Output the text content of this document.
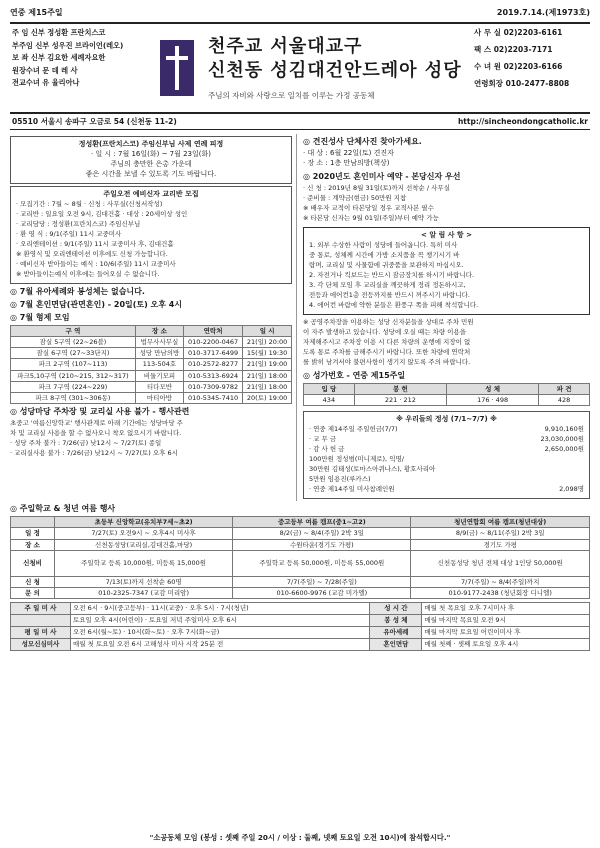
연중 제15주일	2019.7.14.(제1973호)
주 임 신부 정성환 프란치스코
부주임 신부 성우진 브라이언(레오)
보 좌 신부 김요한 세례자요한
원장수녀 문 데 레 사
전교수녀 유 율리아나
천주교 서울대교구
신천동 성김대건안드레아 성당
주님의 자비와 사랑으로 일치를 이루는 가정 공동체
사 무 실 02)2203-6161
팩 스 02)2203-7171
수 녀 원 02)2203-6166
연령회장 010-2477-8808
05510 서울시 송파구 오금로 54 (신천동 11-2)	http://sincheondongcatholic.kr
정성환(프란치스코) 주임신부님 사제 연례 피정
· 일 시 : 7월 16일(화) ~ 7월 23일(화)
주님의 충만한 은총 가운데
좋은 시간을 보낼 수 있도록 기도 바랍니다.
주일오전 예비신자 교리반 모집
· 모집기간 : 7월 ~ 8월 · 신청 : 사무실(신청서작성)
· 교리반 : 일요일 오전 9시, 김대건홀 · 대상 : 20세이상 성인
· 교리담당 : 정성환(프란치스코) 주임신부님
· 환 영 식 : 9/1(주일) 11시 교중미사
· 오리엔테이션 : 9/1(주일) 11시 교중미사 후, 김대건홀
※ 환영식 및 오리엔테이션 이후에도 신청 가능합니다.
· 예비신자 받아들이는 예식 : 10/6(주일) 11시 교중미사
※ 받아들이는예식 이후에는 들어오실 수 없습니다.
◎ 7월 유아세례와 봉성체는 없습니다.
◎ 7월 혼인면담(관면혼인) - 20일(토) 오후 4시
◎ 7월 형제 모임
구 역	장 소	연락처	일 시
잠실 5구역 (22~26블)	법무사사무실	010-2200-0467	21(일) 20:00
잠실 6구역 (27~33단지)	성당 만남의방	010-3717-6499	15(월) 19:30
파크 2구역 (107~113)	113-504호	010-2572-8277	21(일) 19:00
파크5,10구역 (210~215, 312~317)	비둘기모피	010-5313-6924	21(일) 18:00
파크 7구역 (224~229)	티다모반	010-7309-9782	21(일) 18:00
파크 8구역 (301~306동)	마티아방	010-5345-7410	20(토) 19:00
◎ 성당마당 주차장 및 교리실 사용 불가 - 행사관련
초중고 '여름신앙학교' 행사관계로 아래 기간에는 성당마당 주
차 및 교리실 사용을 할 수 없사오니 착오 없으시기 바랍니다.
· 성당 주차 불가 : 7/26(금) 낮12시 ~ 7/27(토) 종일
· 교리실사용 불가 : 7/26(금) 낮12시 ~ 7/27(토) 오후 6시
◎ 견진성사 단체사진 찾아가세요.
· 대 상 : 6월 22일(토) 견진자
· 장 소 : 1층 만남의방(책상)
◎ 2020년도 혼인미사 예약 - 본당신자 우선
· 신 청 : 2019년 8월 31일(토)까지 선착순 / 사무실
· 준비물 : 계약금(현금) 50만원 지참
※ 배우자 교적이 타본당일 경우 교적사본 필수
※ 타본당 신자는 9월 01일(주일)부터 예약 가능
< 알 림 사 항 >
1. 외부 수상한 사람이 성당에 들어옵니다. 특히 미사
중 통로, 성체께 시간에 가방 소지품을 꼭 챙기시기 바
랍며, 교리실 및 사물함에 귀중품을 보관하지 마십시오.
2. 자전거나 킥보드는 반드시 잠금장치를 하시기 바랍니다.
3. 각 단체 모임 후 교리실을 깨끗하게 정리 정돈하시고,
전등과 에어컨1층 전등까지를 반드시 꺼주시기 바랍니다.
4. 에어컨 바람에 약한 분들은 환풍구 쪽을 피해 착석합니다.
※ 공영주차장을 이용하는 성당 신자분들을 상대로 주차 민원
이 자주 발생하고 있습니다. 성당에 오실 때는 차량 이용을
자제해주시고 주차장 이용 시 다른 차량의 운행에 지장이 없
도록 통로 주차를 금해주시기 바랍니다. 또한 차량에 연락처
를 밝히 남겨서야 불편사항이 생기지 않도록 주의 바랍니다.
◎ 성가번호 - 연중 제15주일
입 당	봉 헌	성 체	파 견
434	221 · 212	176 · 498	428
※ 우리들의 정성 (7/1~7/7) ※
· 연중 제14주일 주일헌금(7/7)	9,910,160원
· 교 무 금	23,030,000원
· 감 사 헌 금	2,650,000원
100만원 정성범(미니제로), 익명/
30만원 김태성(토마스아퀴나스), 황호사리아
5만원 임용진(루카스)
· 연중 제14주일 미사참례인원	2,098명
◎ 주일학교 & 청년 여름 행사
	초등부 신앙학교(유치부7세~초2)	중고등부 여름 캠프(중1~고2)	청년연합회 여름 캠프(청년대상)
일 정	7/27(토) 오전9시 ~ 오후4시 미사후	8/2(금) ~ 8/4(주일) 2박 3일	8/9(금) ~ 8/11(주일) 2박 3일
장 소	신천동성당(교리실,김대건홀,마당)	수원타운(경기도 가평)	경기도 가평
신청비	주일학교 등록 10,000원, 미등록 15,000원	주일학교 등록 50,000원, 미등록 55,000원	신천동성당 청년 전체 대상 1인당 50,000원
신 청	7/13(토)까지 선착순 60명	7/7(주일) ~ 7/28(주일)	7/7(주일) ~ 8/4(주일)까지
문 의	010-2325-7347 (교감 미리암)	010-6600-9976 (교감 미가엘)	010-9177-2438 (청년회장 디니엘)
주 일 미 사	오전 6시 · 9시(중고등부) · 11시(교중) · 오후 5시 · 7시(청년)	성 시 간	매월 첫 목요일 오후 7시미사 후
	토요일 오후 4시(어린이) · 토요일 저녁 주일미사 오후 6시	봉 성 체	매월 마지막 목요일 오전 9시
평 일 미 사	오전 6시(월~토) · 10시(화~토) · 오후 7시(화~금)	유아세례	매월 마지막 토요일 어린이미사 후
성모신심미사	매월 첫 토요일 오전 6시 고해성사 미사 시작 25분 전	혼인면담	매월 첫째 · 셋째 토요일 오후 4시
"소공동체 모임 (봉성 : 셋째 주일 20시 / 이상 : 둘째, 넷째 토요일 오전 10시)에 참석합시다."
